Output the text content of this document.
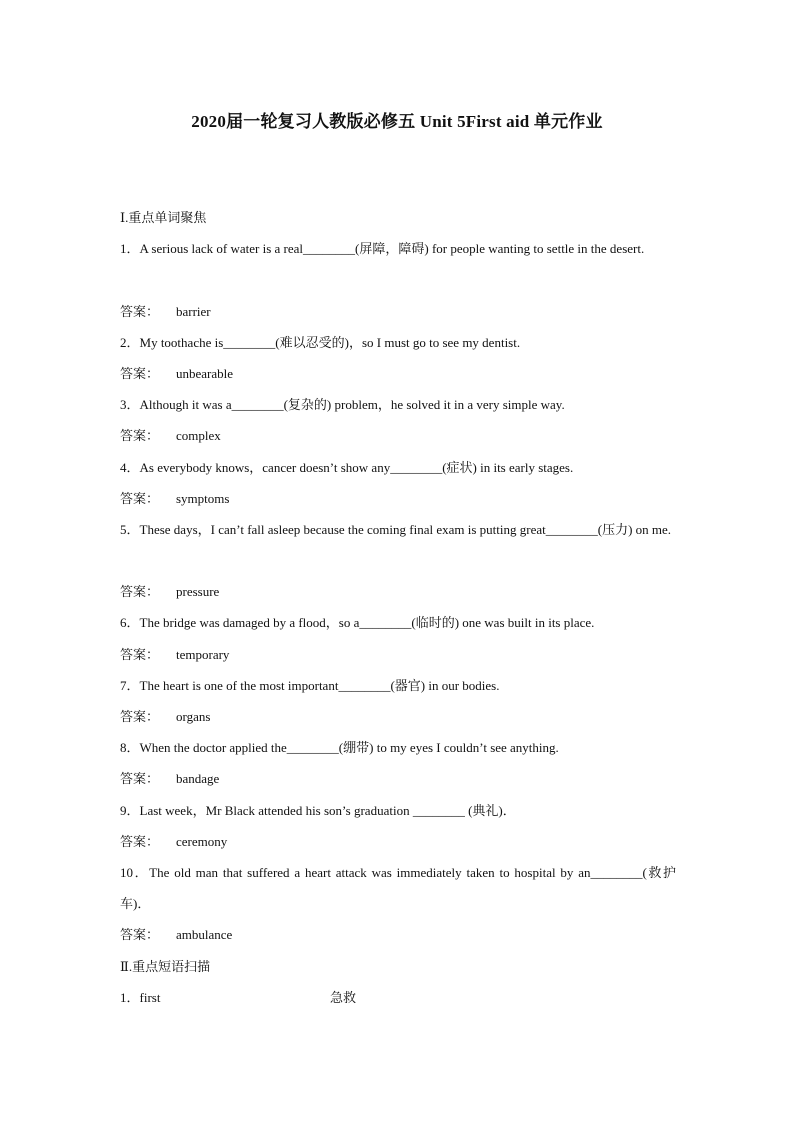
2020届一轮复习人教版必修五 Unit 5First aid 单元作业
Ⅰ.重点单词聚焦
1．A serious lack of water is a real________(屏障，障碍) for people wanting to settle in the desert.
答案： barrier
2．My toothache is________(难以忍受的)，so I must go to see my dentist.
答案： unbearable
3．Although it was a________(复杂的) problem，he solved it in a very simple way.
答案： complex
4．As everybody knows，cancer doesn’t show any________(症状) in its early stages.
答案： symptoms
5．These days，I can’t fall asleep because the coming final exam is putting great________(压力) on me.
答案： pressure
6．The bridge was damaged by a flood，so a________(临时的) one was built in its place.
答案： temporary
7．The heart is one of the most important________(器官) in our bodies.
答案： organs
8．When the doctor applied the________(绷带) to my eyes I couldn’t see anything.
答案： bandage
9．Last week，Mr Black attended his son’s graduation ________ (典礼)．
答案： ceremony
10．The old man that suffered a heart attack was immediately taken to hospital by an________(救护车)．
答案： ambulance
Ⅱ.重点短语扫描
1．first	急救
